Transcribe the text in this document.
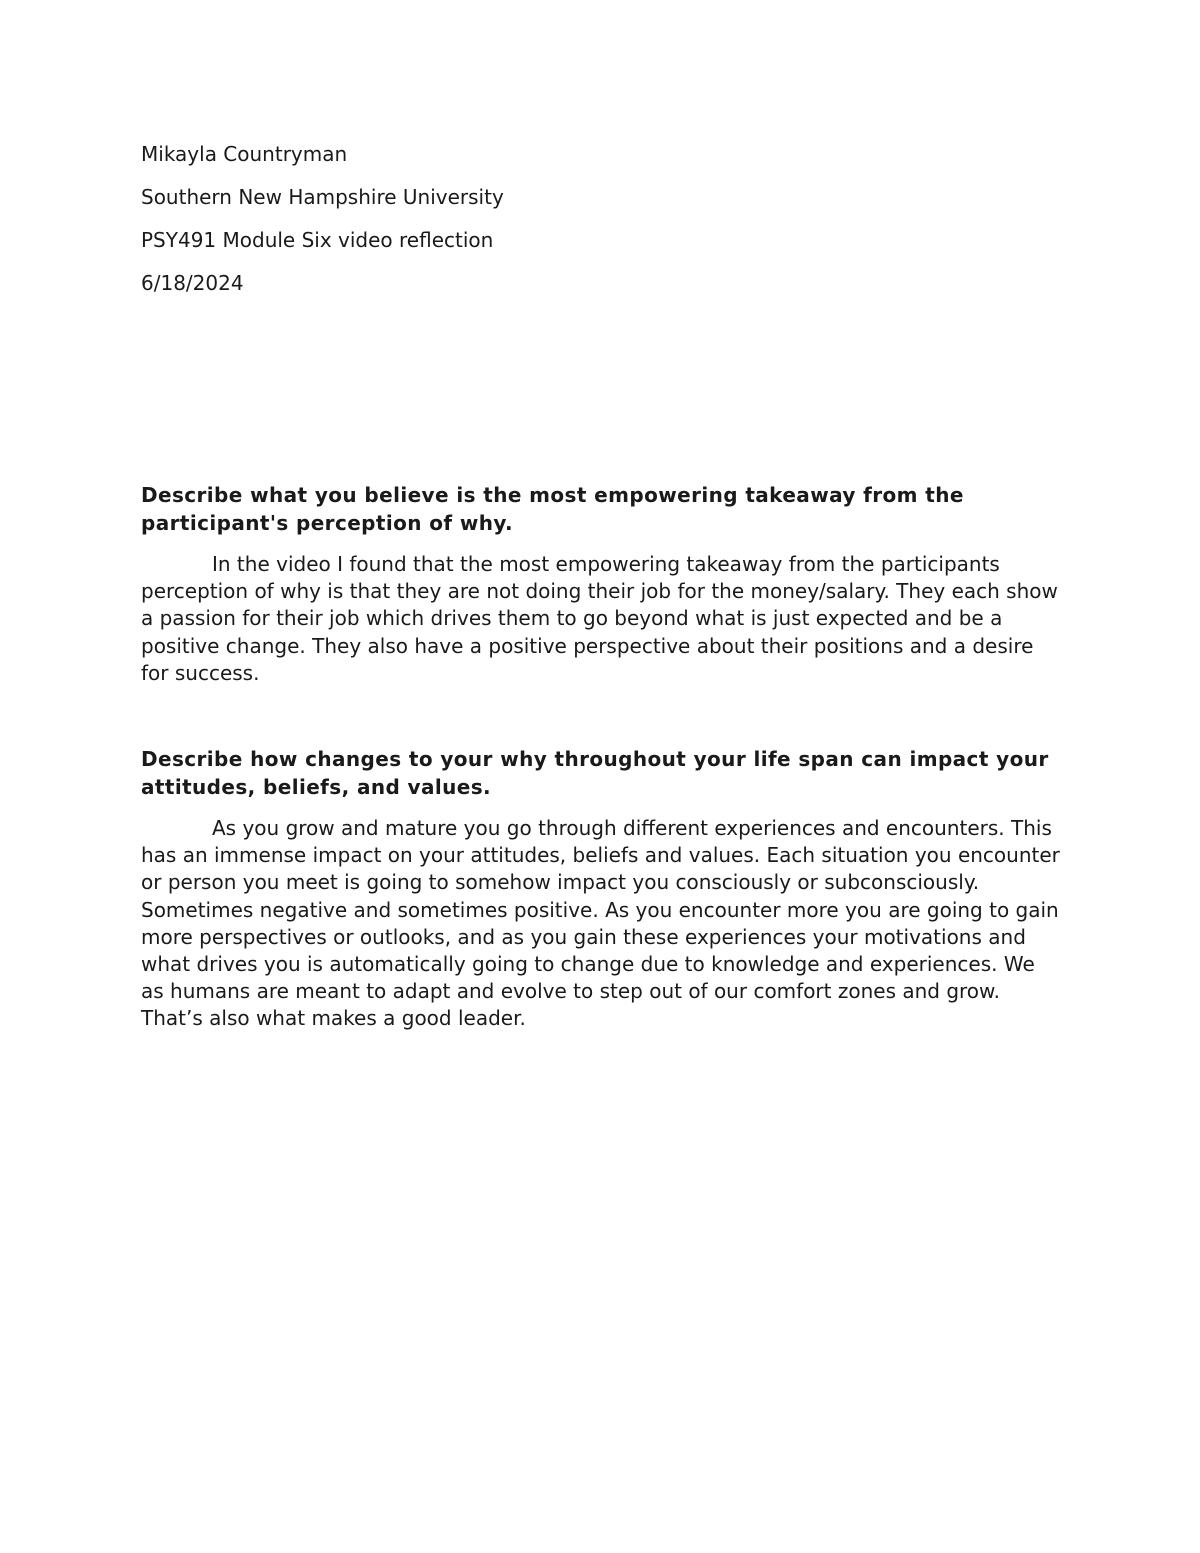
Mikayla Countryman
Southern New Hampshire University
PSY491 Module Six video reflection
6/18/2024

Describe what you believe is the most empowering takeaway from the participant's perception of why.

In the video I found that the most empowering takeaway from the participants perception of why is that they are not doing their job for the money/salary. They each show a passion for their job which drives them to go beyond what is just expected and be a positive change. They also have a positive perspective about their positions and a desire for success.

Describe how changes to your why throughout your life span can impact your attitudes, beliefs, and values.

As you grow and mature you go through different experiences and encounters. This has an immense impact on your attitudes, beliefs and values. Each situation you encounter or person you meet is going to somehow impact you consciously or subconsciously. Sometimes negative and sometimes positive. As you encounter more you are going to gain more perspectives or outlooks, and as you gain these experiences your motivations and what drives you is automatically going to change due to knowledge and experiences. We as humans are meant to adapt and evolve to step out of our comfort zones and grow. That’s also what makes a good leader.
